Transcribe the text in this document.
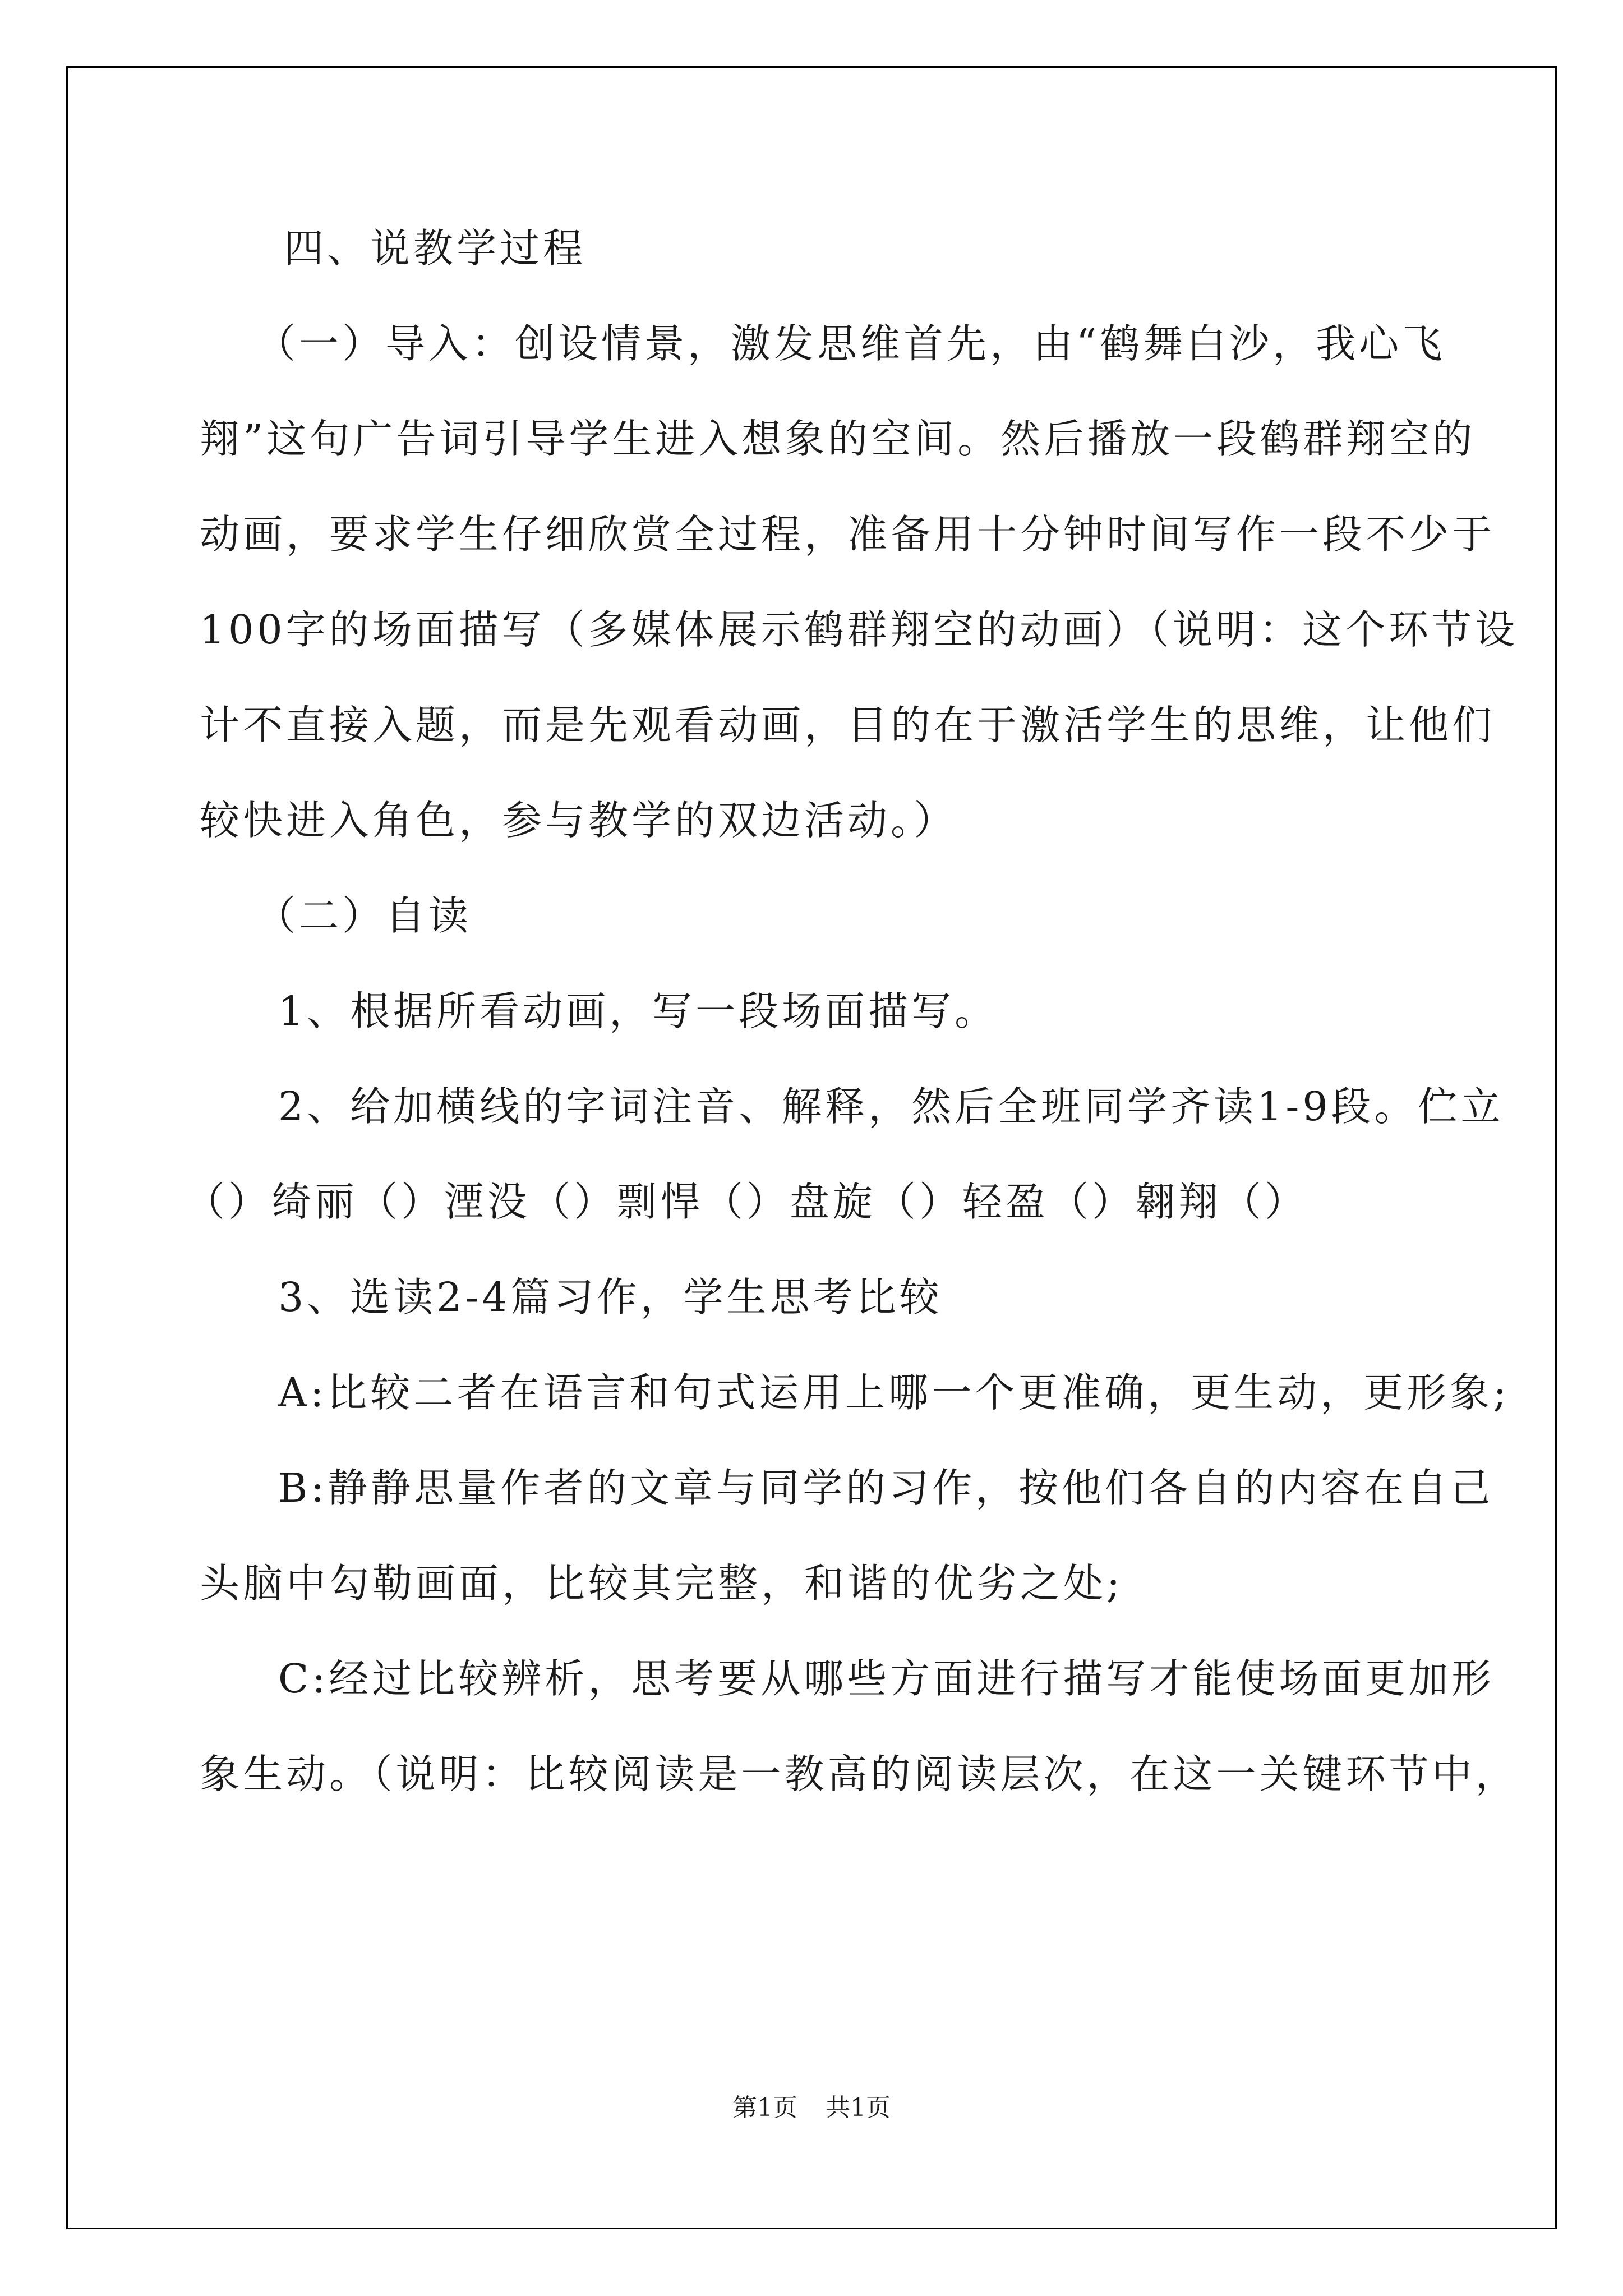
四、说教学过程
（一）导入：创设情景，激发思维首先，由“鹤舞白沙，我心飞
翔”这句广告词引导学生进入想象的空间。然后播放一段鹤群翔空的
动画，要求学生仔细欣赏全过程，准备用十分钟时间写作一段不少于
100字的场面描写（多媒体展示鹤群翔空的动画）（说明：这个环节设
计不直接入题，而是先观看动画，目的在于激活学生的思维，让他们
较快进入角色，参与教学的双边活动。）
（二）自读
1、根据所看动画，写一段场面描写。
2、给加横线的字词注音、解释，然后全班同学齐读1-9段。伫立
（）绮丽（）湮没（）剽悍（）盘旋（）轻盈（）翱翔（）
3、选读2-4篇习作，学生思考比较
A:比较二者在语言和句式运用上哪一个更准确，更生动，更形象;
B:静静思量作者的文章与同学的习作，按他们各自的内容在自己
头脑中勾勒画面，比较其完整，和谐的优劣之处;
C:经过比较辨析，思考要从哪些方面进行描写才能使场面更加形
象生动。（说明：比较阅读是一教高的阅读层次，在这一关键环节中，
第1页 共1页
